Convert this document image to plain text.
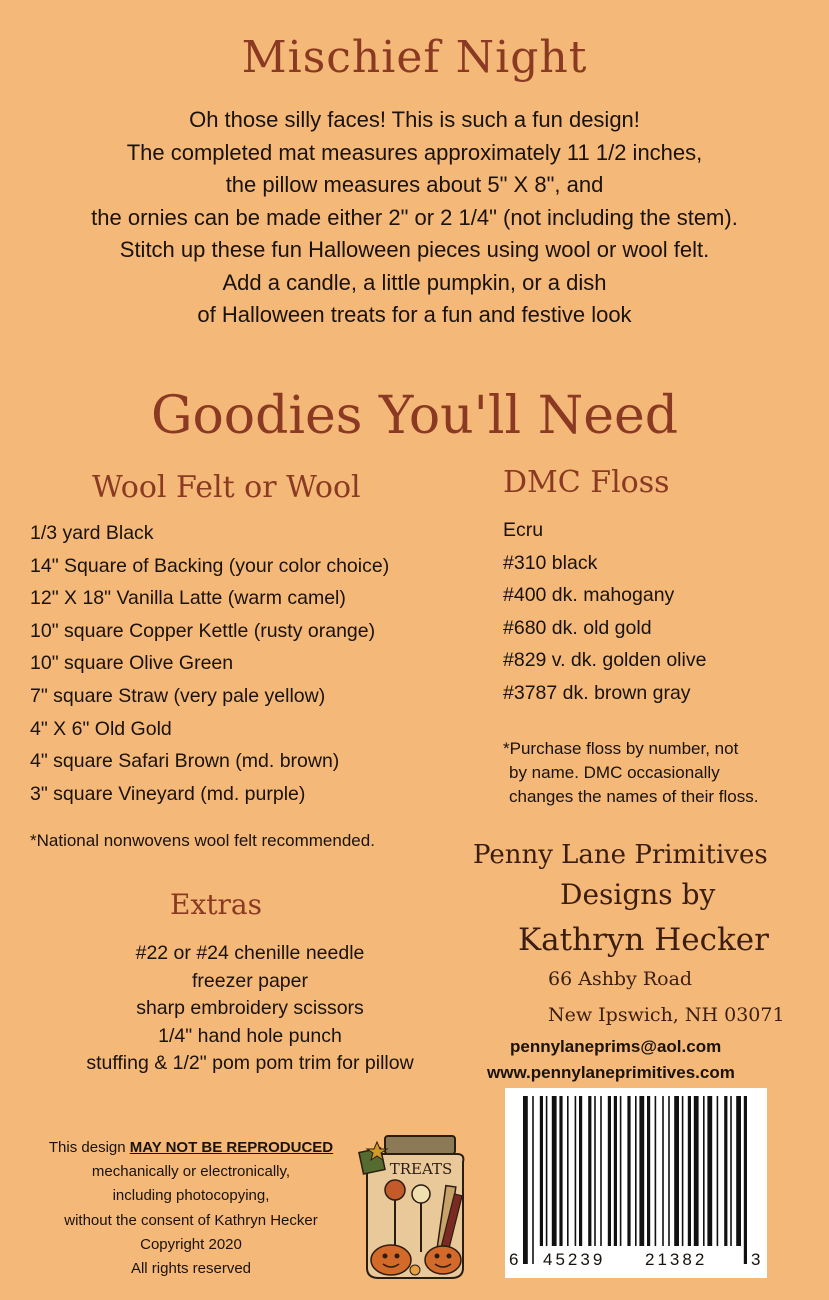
Mischief Night
Oh those silly faces! This is such a fun design!
The completed mat measures approximately 11 1/2 inches,
the pillow measures about 5" X 8", and
the ornies can be made either 2" or 2 1/4" (not including the stem).
Stitch up these fun Halloween pieces using wool or wool felt.
Add a candle, a little pumpkin, or a dish
of Halloween treats for a fun and festive look
Goodies You'll Need
Wool Felt or Wool
1/3 yard Black
14" Square of Backing (your color choice)
12" X 18" Vanilla Latte (warm camel)
10" square Copper Kettle (rusty orange)
10" square Olive Green
7" square Straw (very pale yellow)
4" X 6" Old Gold
4" square Safari Brown (md. brown)
3" square Vineyard (md. purple)
*National nonwovens wool felt recommended.
DMC Floss
Ecru
#310 black
#400 dk. mahogany
#680 dk. old gold
#829 v. dk. golden olive
#3787 dk. brown gray
*Purchase floss by number, not
by name. DMC occasionally
changes the names of their floss.
Extras
#22 or #24 chenille needle
freezer paper
sharp embroidery scissors
1/4" hand hole punch
stuffing & 1/2" pom pom trim for pillow
Penny Lane Primitives
Designs by
Kathryn Hecker
66 Ashby Road
New Ipswich, NH 03071
pennylaneprims@aol.com
www.pennylaneprimitives.com
This design MAY NOT BE REPRODUCED
mechanically or electronically,
including photocopying,
without the consent of Kathryn Hecker
Copyright 2020
All rights reserved
TREATS
6 45239 21382	3
